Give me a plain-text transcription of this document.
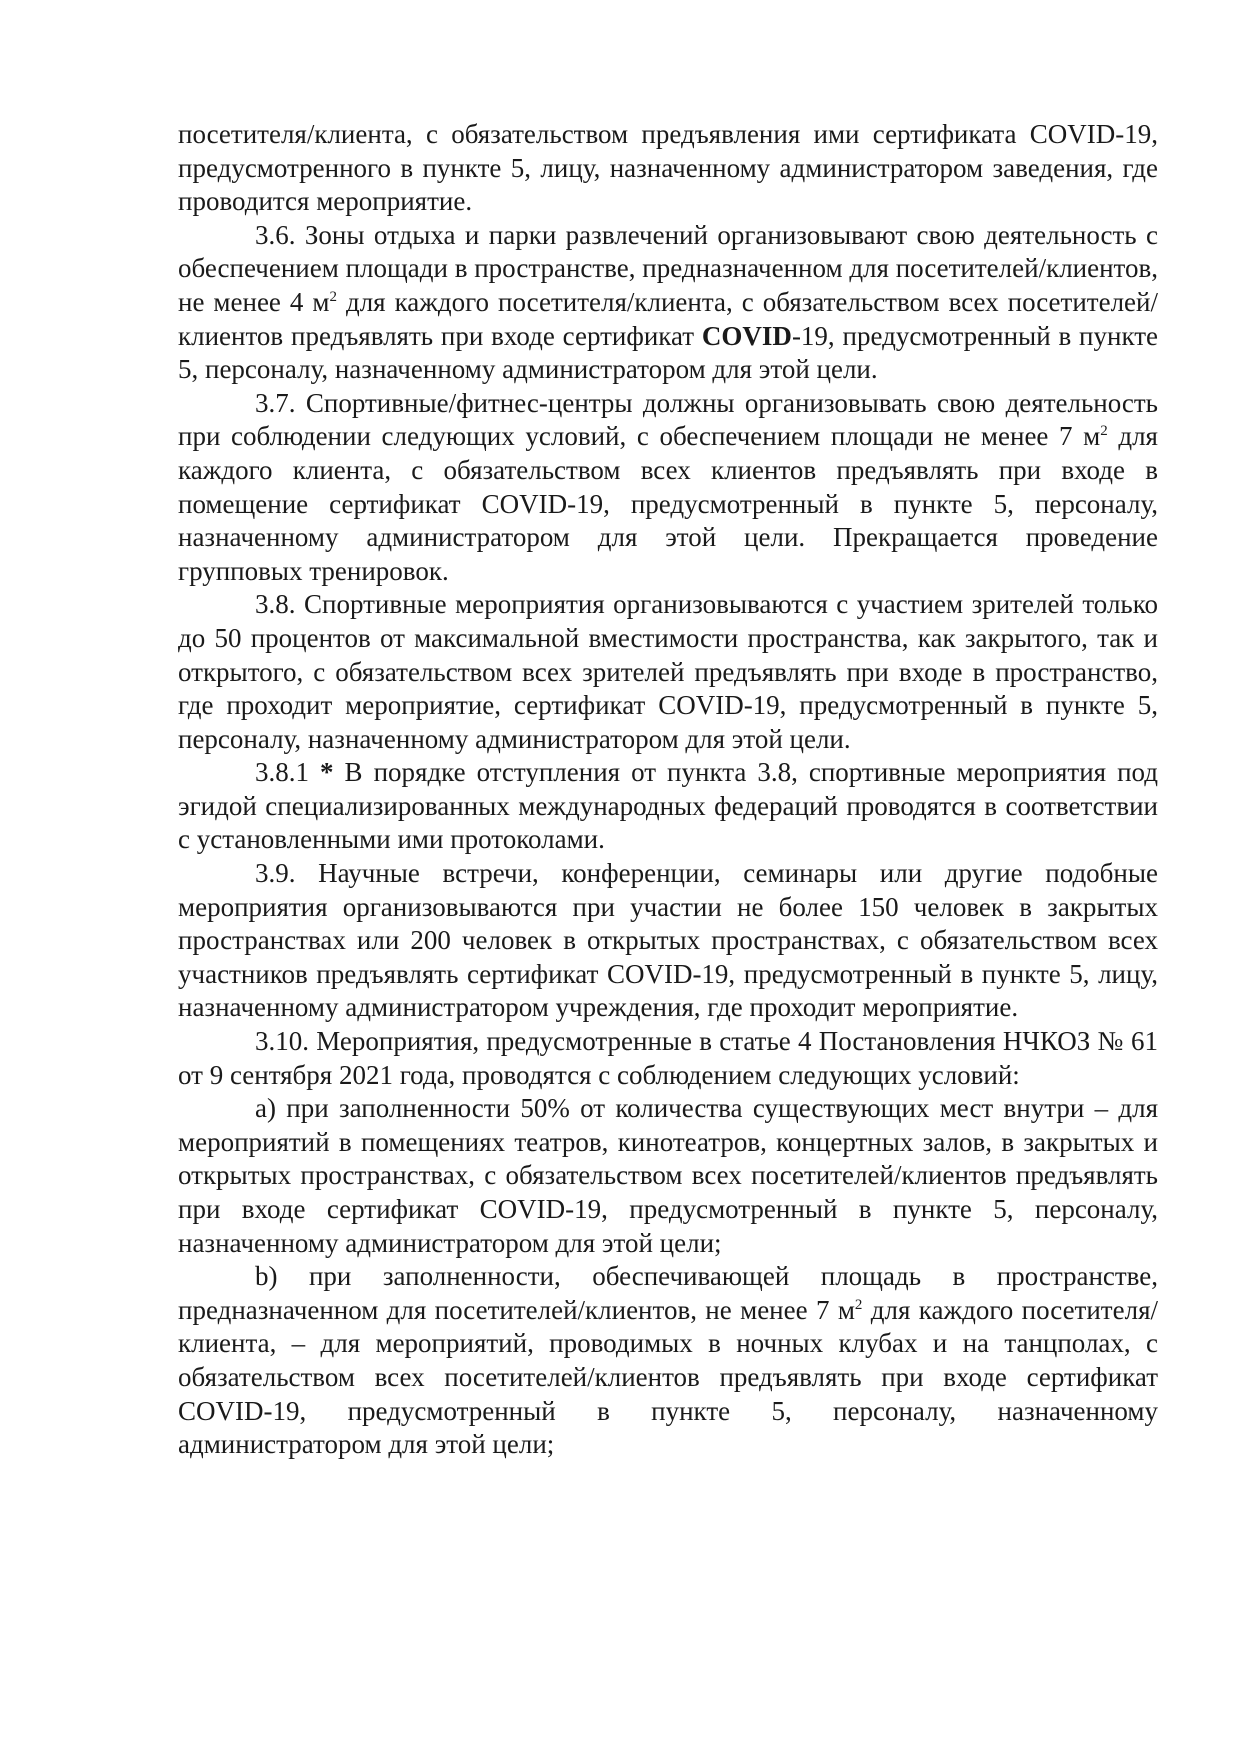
посетителя/клиента, с обязательством предъявления ими сертификата COVID-19, предусмотренного в пункте 5, лицу, назначенному администратором заведения, где проводится мероприятие.

3.6. Зоны отдыха и парки развлечений организовывают свою деятельность с обеспечением площади в пространстве, предназначенном для посетителей/клиентов, не менее 4 $м^2$ для каждого посетителя/клиента, с обязательством всех посетителей/клиентов предъявлять при входе сертификат COVID-19, предусмотренный в пункте 5, персоналу, назначенному администратором для этой цели.

3.7. Спортивные/фитнес-центры должны организовывать свою деятельность при соблюдении следующих условий, с обеспечением площади не менее 7 $м^2$ для каждого клиента, с обязательством всех клиентов предъявлять при входе в помещение сертификат COVID-19, предусмотренный в пункте 5, персоналу, назначенному администратором для этой цели. Прекращается проведение групповых тренировок.

3.8. Спортивные мероприятия организовываются с участием зрителей только до 50 процентов от максимальной вместимости пространства, как закрытого, так и открытого, с обязательством всех зрителей предъявлять при входе в пространство, где проходит мероприятие, сертификат COVID-19, предусмотренный в пункте 5, персоналу, назначенному администратором для этой цели.

3.8.1 * В порядке отступления от пункта 3.8, спортивные мероприятия под эгидой специализированных международных федераций проводятся в соответствии с установленными ими протоколами.

3.9. Научные встречи, конференции, семинары или другие подобные мероприятия организовываются при участии не более 150 человек в закрытых пространствах или 200 человек в открытых пространствах, с обязательством всех участников предъявлять сертификат COVID-19, предусмотренный в пункте 5, лицу, назначенному администратором учреждения, где проходит мероприятие.

3.10. Мероприятия, предусмотренные в статье 4 Постановления НЧКОЗ № 61 от 9 сентября 2021 года, проводятся с соблюдением следующих условий:

a) при заполненности 50% от количества существующих мест внутри – для мероприятий в помещениях театров, кинотеатров, концертных залов, в закрытых и открытых пространствах, с обязательством всех посетителей/клиентов предъявлять при входе сертификат COVID-19, предусмотренный в пункте 5, персоналу, назначенному администратором для этой цели;

b) при заполненности, обеспечивающей площадь в пространстве, предназначенном для посетителей/клиентов, не менее 7 $м^2$ для каждого посетителя/клиента, – для мероприятий, проводимых в ночных клубах и на танцполах, с обязательством всех посетителей/клиентов предъявлять при входе сертификат COVID-19, предусмотренный в пункте 5, персоналу, назначенному администратором для этой цели;
